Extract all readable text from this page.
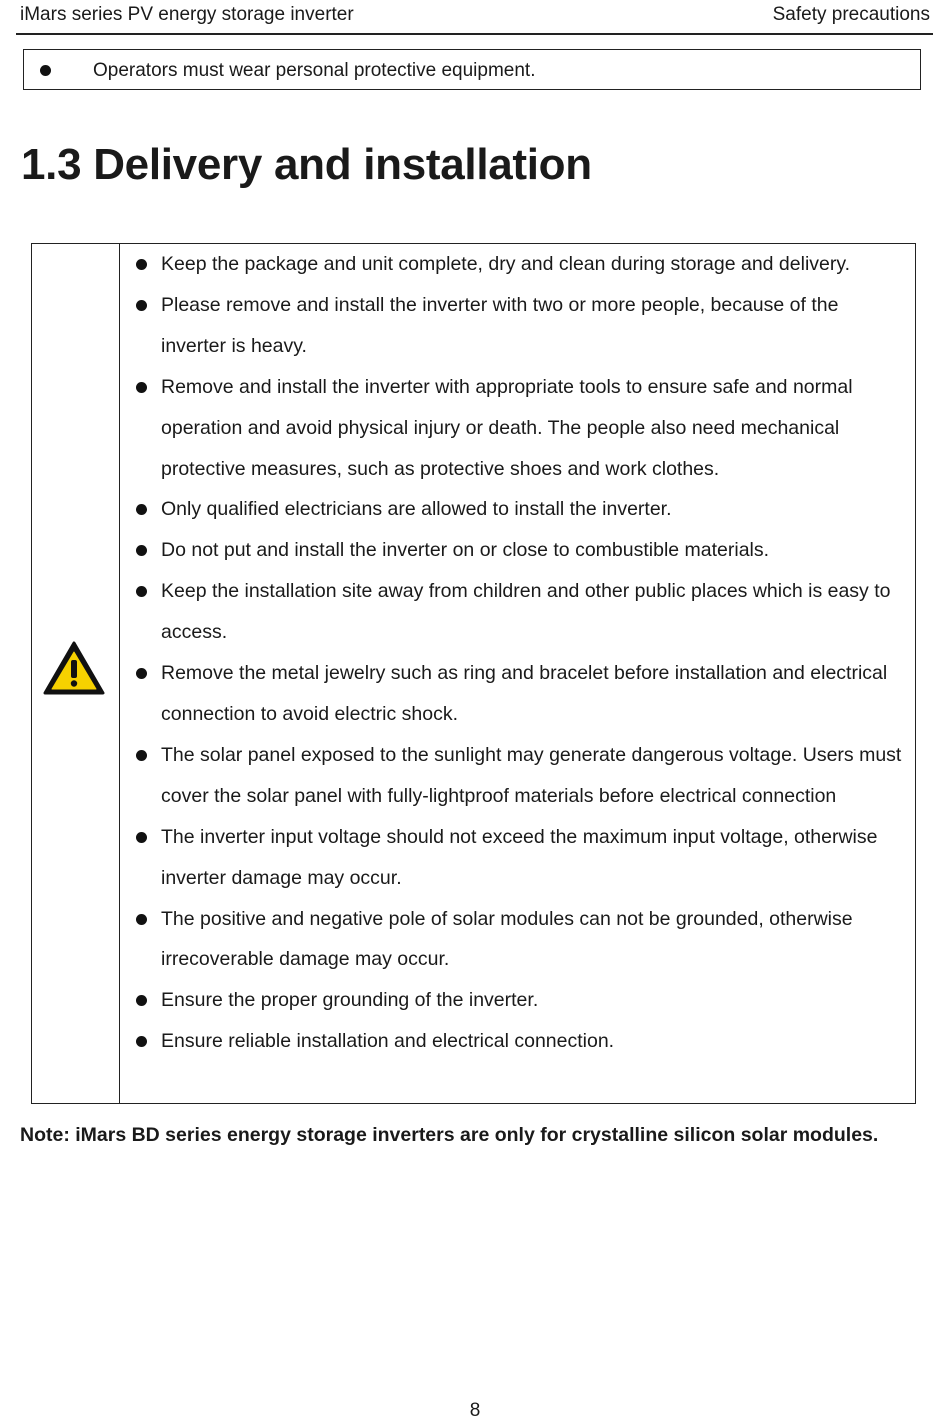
iMars series PV energy storage inverter	Safety precautions
Operators must wear personal protective equipment.
1.3 Delivery and installation
Keep the package and unit complete, dry and clean during storage and delivery.
Please remove and install the inverter with two or more people, because of the inverter is heavy.
Remove and install the inverter with appropriate tools to ensure safe and normal operation and avoid physical injury or death. The people also need mechanical protective measures, such as protective shoes and work clothes.
Only qualified electricians are allowed to install the inverter.
Do not put and install the inverter on or close to combustible materials.
Keep the installation site away from children and other public places which is easy to access.
Remove the metal jewelry such as ring and bracelet before installation and electrical connection to avoid electric shock.
The solar panel exposed to the sunlight may generate dangerous voltage. Users must cover the solar panel with fully-lightproof materials before electrical connection
The inverter input voltage should not exceed the maximum input voltage, otherwise inverter damage may occur.
The positive and negative pole of solar modules can not be grounded, otherwise irrecoverable damage may occur.
Ensure the proper grounding of the inverter.
Ensure reliable installation and electrical connection.

Note: iMars BD series energy storage inverters are only for crystalline silicon solar modules.

8
